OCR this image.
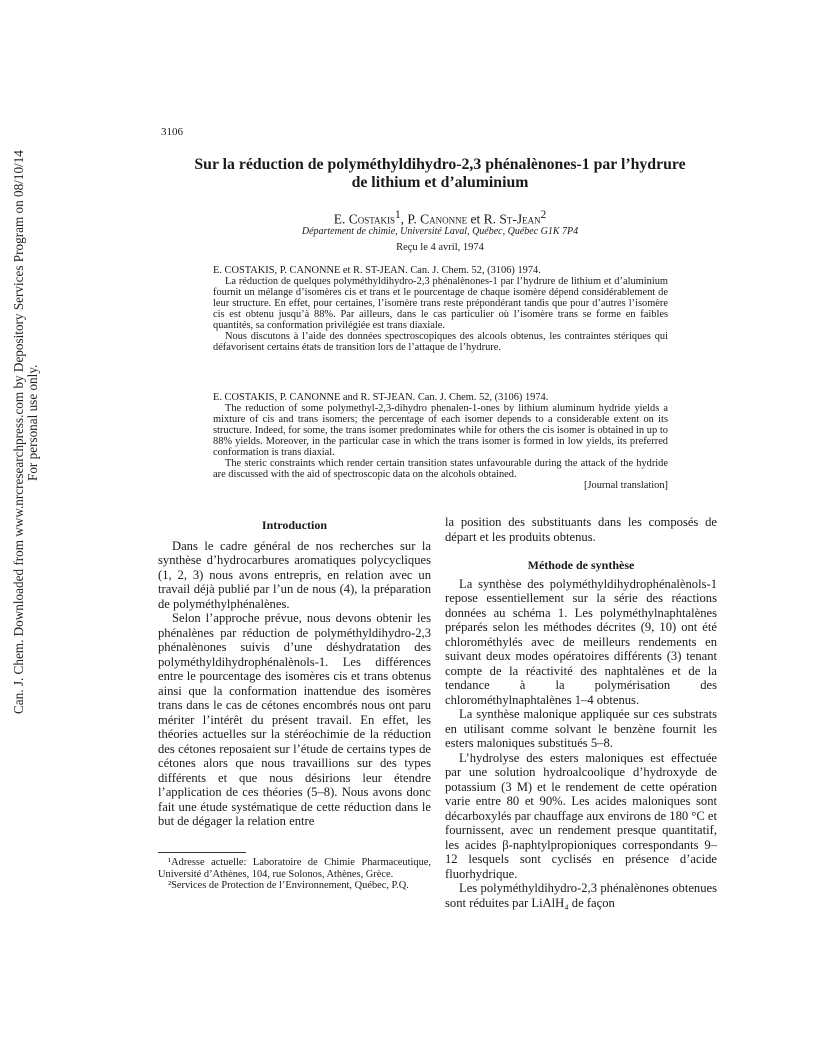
Can. J. Chem. Downloaded from www.nrcresearchpress.com by Depository Services Program on 08/10/14 For personal use only.
3106
Sur la réduction de polyméthyldihydro-2,3 phénalènones-1 par l’hydrure
de lithium et d’aluminium
E. Costakis$^1$, P. Canonne et R. St-Jean$^2$
Département de chimie, Université Laval, Québec, Québec G1K 7P4
Reçu le 4 avril, 1974

E. COSTAKIS, P. CANONNE et R. ST-JEAN. Can. J. Chem. 52, (3106) 1974.

La réduction de quelques polyméthyldihydro-2,3 phénalènones-1 par l’hydrure de lithium et d’aluminium fournit un mélange d’isomères cis et trans et le pourcentage de chaque isomère dépend considérablement de leur structure. En effet, pour certaines, l’isomère trans reste prépondérant tandis que pour d’autres l’isomère cis est obtenu jusqu’à 88%. Par ailleurs, dans le cas particulier où l’isomère trans se forme en faibles quantités, sa conformation privilégiée est trans diaxiale.

Nous discutons à l’aide des données spectroscopiques des alcools obtenus, les contraintes stériques qui défavorisent certains états de transition lors de l’attaque de l’hydrure.

E. COSTAKIS, P. CANONNE and R. ST-JEAN. Can. J. Chem. 52, (3106) 1974.

The reduction of some polymethyl-2,3-dihydro phenalen-1-ones by lithium aluminum hydride yields a mixture of cis and trans isomers; the percentage of each isomer depends to a considerable extent on its structure. Indeed, for some, the trans isomer predominates while for others the cis isomer is obtained in up to 88% yields. Moreover, in the particular case in which the trans isomer is formed in low yields, its preferred conformation is trans diaxial.

The steric constraints which render certain transition states unfavourable during the attack of the hydride are discussed with the aid of spectroscopic data on the alcohols obtained.

[Journal translation]

Introduction

Dans le cadre général de nos recherches sur la synthèse d’hydrocarbures aromatiques polycycliques (1, 2, 3) nous avons entrepris, en relation avec un travail déjà publié par l’un de nous (4), la préparation de polyméthylphénalènes.

Selon l’approche prévue, nous devons obtenir les phénalènes par réduction de polyméthyldihydro-2,3 phénalènones suivis d’une déshydratation des polyméthyldihydrophénalènols-1. Les différences entre le pourcentage des isomères cis et trans obtenus ainsi que la conformation inattendue des isomères trans dans le cas de cétones encombrés nous ont paru mériter l’intérêt du présent travail. En effet, les théories actuelles sur la stéréochimie de la réduction des cétones reposaient sur l’étude de certains types de cétones alors que nous travaillions sur des types différents et que nous désirions leur étendre l’application de ces théories (5–8). Nous avons donc fait une étude systématique de cette réduction dans le but de dégager la relation entre

¹Adresse actuelle: Laboratoire de Chimie Pharmaceutique, Université d’Athènes, 104, rue Solonos, Athènes, Grèce.

²Services de Protection de l’Environnement, Québec, P.Q.

la position des substituants dans les composés de départ et les produits obtenus.

Méthode de synthèse

La synthèse des polyméthyldihydrophénalènols-1 repose essentiellement sur la série des réactions données au schéma 1. Les polyméthylnaphtalènes préparés selon les méthodes décrites (9, 10) ont été chlorométhylés avec de meilleurs rendements en suivant deux modes opératoires différents (3) tenant compte de la réactivité des naphtalènes et de la tendance à la polymérisation des chlorométhylnaphtalènes 1–4 obtenus.

La synthèse malonique appliquée sur ces substrats en utilisant comme solvant le benzène fournit les esters maloniques substitués 5–8.

L’hydrolyse des esters maloniques est effectuée par une solution hydroalcoolique d’hydroxyde de potassium (3 M) et le rendement de cette opération varie entre 80 et 90%. Les acides maloniques sont décarboxylés par chauffage aux environs de 180 °C et fournissent, avec un rendement presque quantitatif, les acides β-naphtylpropioniques correspondants 9–12 lesquels sont cyclisés en présence d’acide fluorhydrique.

Les polyméthyldihydro-2,3 phénalènones obtenues sont réduites par LiAlH₄ de façon
